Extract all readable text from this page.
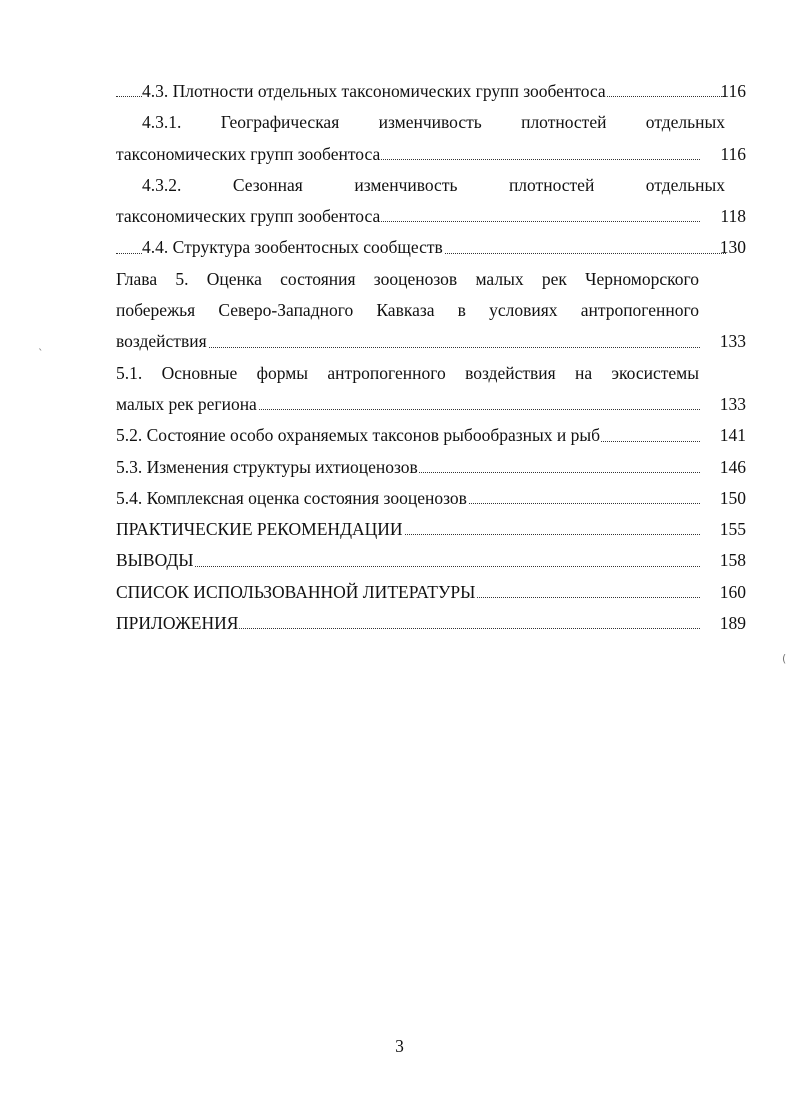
4.3. Плотности отдельных таксономических групп зообентоса	116
4.3.1. Географическая изменчивость плотностей отдельных
таксономических групп зообентоса	116
4.3.2. Сезонная изменчивость плотностей отдельных
таксономических групп зообентоса	118
4.4. Структура зообентосных сообществ	130
Глава 5. Оценка состояния зооценозов малых рек Черноморского
побережья Северо-Западного Кавказа в условиях антропогенного
воздействия	133
5.1. Основные формы антропогенного воздействия на экосистемы
малых рек региона	133
5.2. Состояние особо охраняемых таксонов рыбообразных и рыб	141
5.3. Изменения структуры ихтиоценозов	146
5.4. Комплексная оценка состояния зооценозов	150
ПРАКТИЧЕСКИЕ РЕКОМЕНДАЦИИ	155
ВЫВОДЫ	158
СПИСОК ИСПОЛЬЗОВАННОЙ ЛИТЕРАТУРЫ	160
ПРИЛОЖЕНИЯ	189
3
ˎ
(
